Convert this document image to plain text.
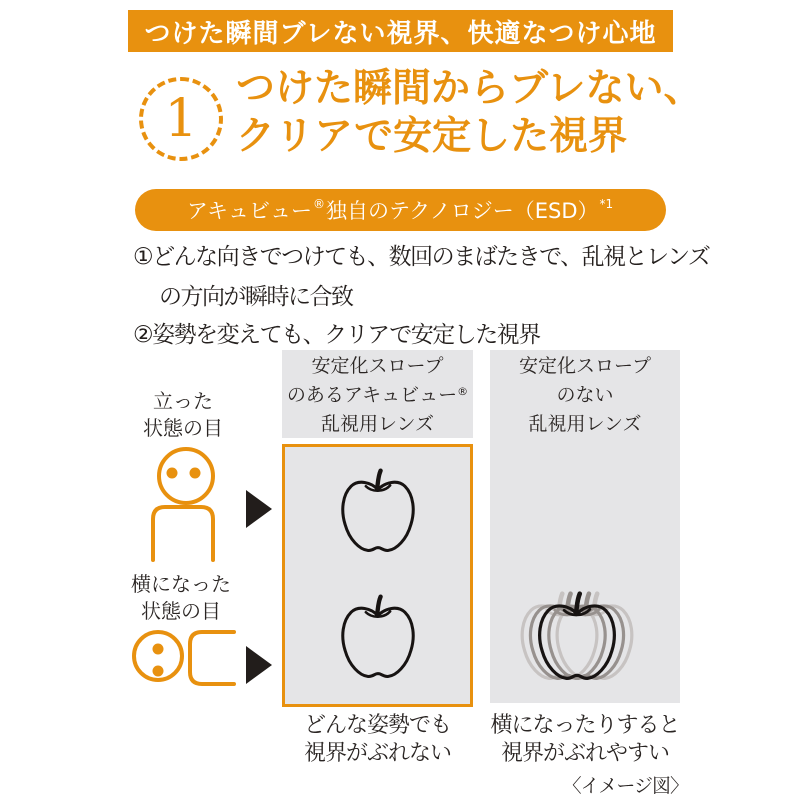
つけた瞬間ブレない視界、快適なつけ心地
1
つけた瞬間からブレない、
クリアで安定した視界
アキュビュー® 独自のテクノロジー（ESD）$^{*1}$
①どんな向きでつけても、数回のまばたきで、乱視とレンズ
の方向が瞬時に合致
②姿勢を変えても、クリアで安定した視界
安定化スロープ
のあるアキュビュー®
乱視用レンズ
安定化スロープ
のない
乱視用レンズ
立った
状態の目
横になった
状態の目
どんな姿勢でも
視界がぶれない
横になったりすると
視界がぶれやすい
〈イメージ図〉
